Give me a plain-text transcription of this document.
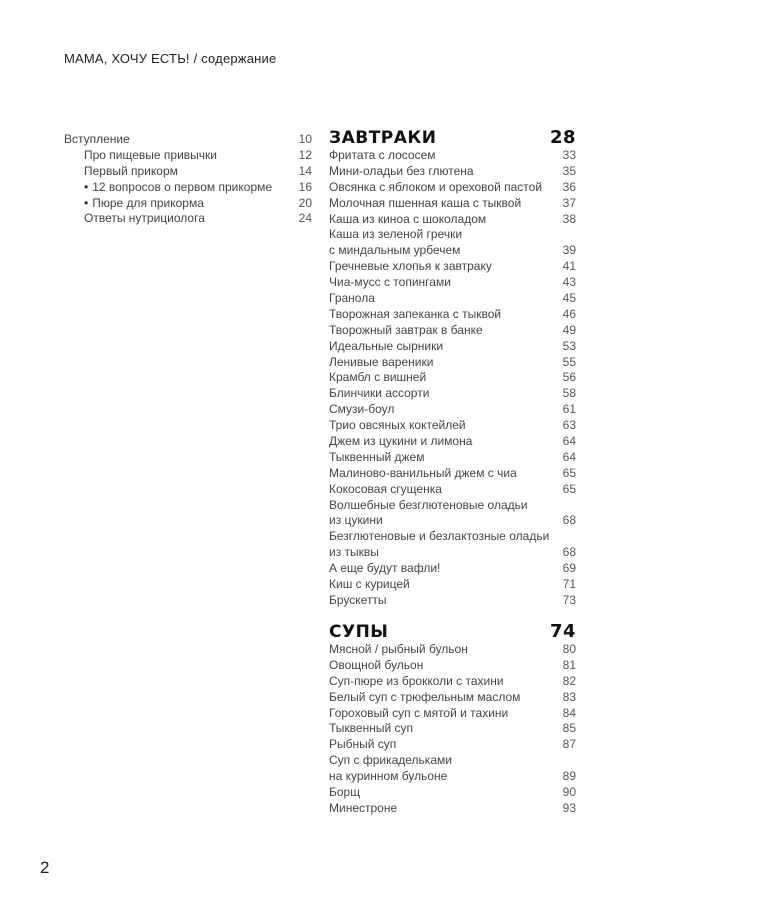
МАМА, ХОЧУ ЕСТЬ! / содержание
Вступление	10
Про пищевые привычки	12
Первый прикорм	14
• 12 вопросов о первом прикорме 16
• Пюре для прикорма	20
Ответы нутрициолога	24
ЗАВТРАКИ	28
Фритата с лососем	33
Мини-оладьи без глютена	35
Овсянка с яблоком и ореховой пастой 36
Молочная пшенная каша с тыквой	37
Каша из киноа с шоколадом	38
Каша из зеленой гречки
с миндальным урбечем	39
Гречневые хлопья к завтраку	41
Чиа-мусс с топингами	43
Гранола	45
Творожная запеканка с тыквой	46
Творожный завтрак в банке	49
Идеальные сырники	53
Ленивые вареники	55
Крамбл с вишней	56
Блинчики ассорти	58
Смузи-боул	61
Трио овсяных коктейлей	63
Джем из цукини и лимона	64
Тыквенный джем	64
Малиново-ванильный джем с чиа	65
Кокосовая сгущенка	65
Волшебные безглютеновые оладьи
из цукини	68
Безглютеновые и безлактозные оладьи
из тыквы	68
А еще будут вафли!	69
Киш с курицей	71
Брускетты	73
СУПЫ	74
Мясной / рыбный бульон	80
Овощной бульон	81
Суп-пюре из брокколи с тахини	82
Белый суп с трюфельным маслом	83
Гороховый суп с мятой и тахини	84
Тыквенный суп	85
Рыбный суп	87
Суп с фрикадельками
на куринном бульоне	89
Борщ	90
Минестроне	93
2
